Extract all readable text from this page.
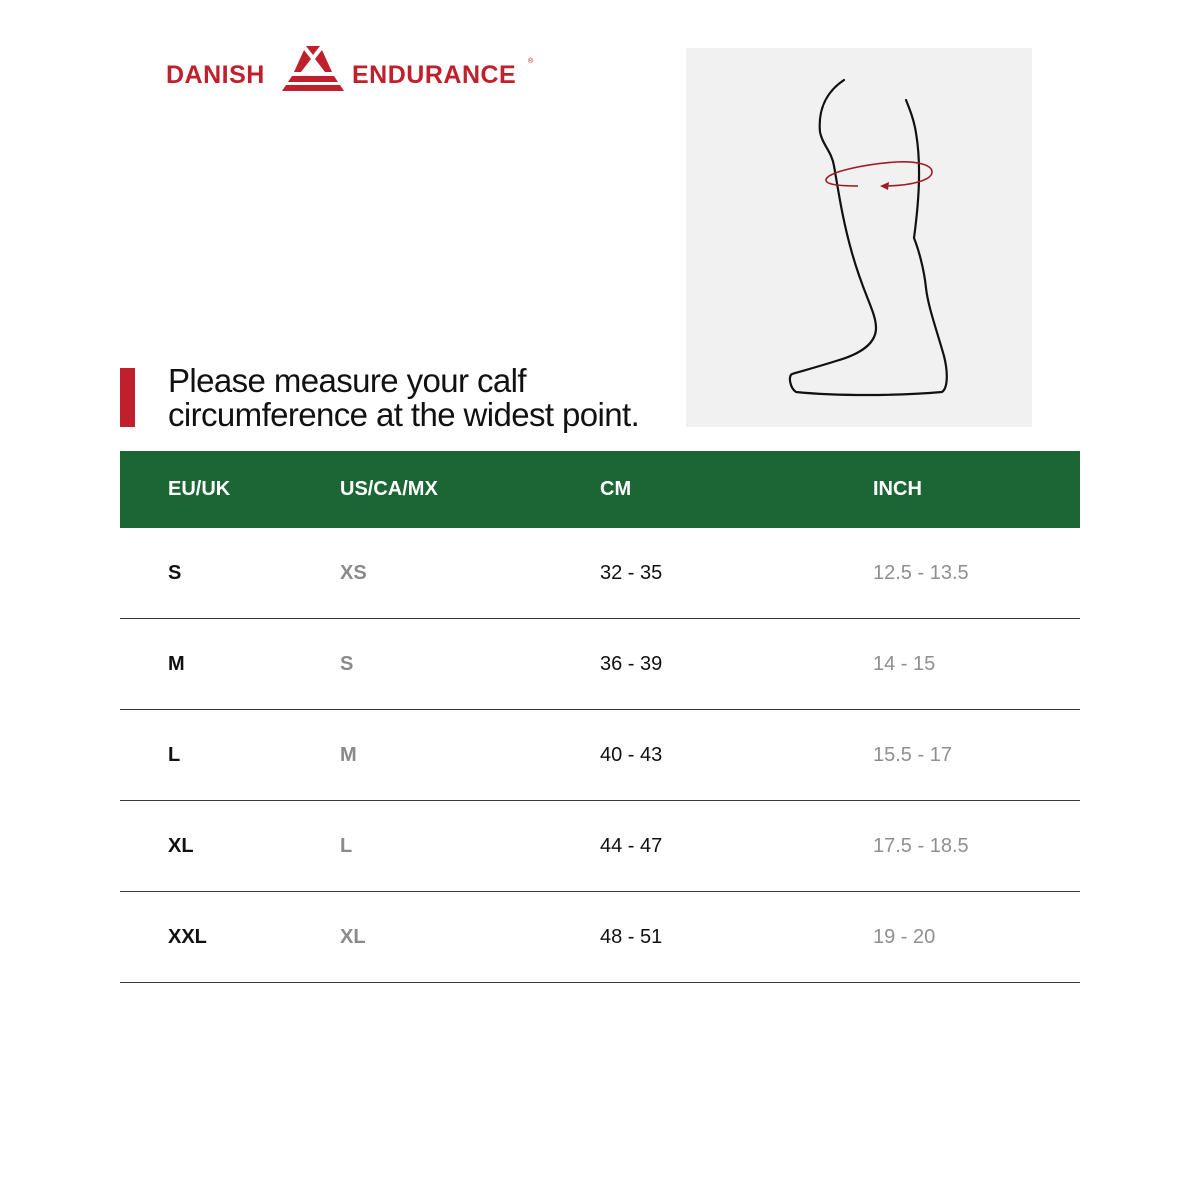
DANISH	ENDURANCE ®
Please measure your calf
circumference at the widest point.
EU/UK	US/CA/MX	CM	INCH
S	XS	32 - 35	12.5 - 13.5
M	S	36 - 39	14 - 15
L	M	40 - 43	15.5 - 17
XL	L	44 - 47	17.5 - 18.5
XXL	XL	48 - 51	19 - 20
